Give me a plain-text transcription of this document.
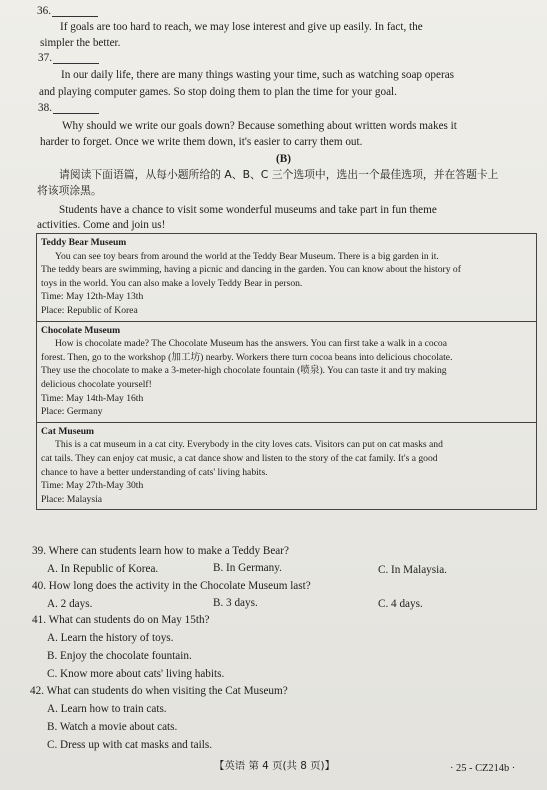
36.
If goals are too hard to reach, we may lose interest and give up easily. In fact, the
simpler the better.
37.
In our daily life, there are many things wasting your time, such as watching soap operas
and playing computer games. So stop doing them to plan the time for your goal.
38.
Why should we write our goals down? Because something about written words makes it
harder to forget. Once we write them down, it's easier to carry them out.
(B)
请阅读下面语篇，从每小题所给的 A、B、C 三个选项中，选出一个最佳选项，并在答题卡上
将该项涂黑。
Students have a chance to visit some wonderful museums and take part in fun theme
activities. Come and join us!
Teddy Bear Museum
You can see toy bears from around the world at the Teddy Bear Museum. There is a big garden in it.
The teddy bears are swimming, having a picnic and dancing in the garden. You can know about the history of
toys in the world. You can also make a lovely Teddy Bear in person.
Time: May 12th-May 13th
Place: Republic of Korea

Chocolate Museum
How is chocolate made? The Chocolate Museum has the answers. You can first take a walk in a cocoa
forest. Then, go to the workshop (加工坊) nearby. Workers there turn cocoa beans into delicious chocolate.
They use the chocolate to make a 3-meter-high chocolate fountain (喷泉). You can taste it and try making
delicious chocolate yourself!
Time: May 14th-May 16th
Place: Germany

Cat Museum
This is a cat museum in a cat city. Everybody in the city loves cats. Visitors can put on cat masks and
cat tails. They can enjoy cat music, a cat dance show and listen to the story of the cat family. It's a good
chance to have a better understanding of cats' living habits.
Time: May 27th-May 30th
Place: Malaysia
39. Where can students learn how to make a Teddy Bear?
A. In Republic of Korea.	B. In Germany.	C. In Malaysia.
40. How long does the activity in the Chocolate Museum last?
A. 2 days.	B. 3 days.	C. 4 days.
41. What can students do on May 15th?
A. Learn the history of toys.
B. Enjoy the chocolate fountain.
C. Know more about cats' living habits.
42. What can students do when visiting the Cat Museum?
A. Learn how to train cats.
B. Watch a movie about cats.
C. Dress up with cat masks and tails.
【英语 第 4 页(共 8 页)】	· 25 - CZ214b ·
